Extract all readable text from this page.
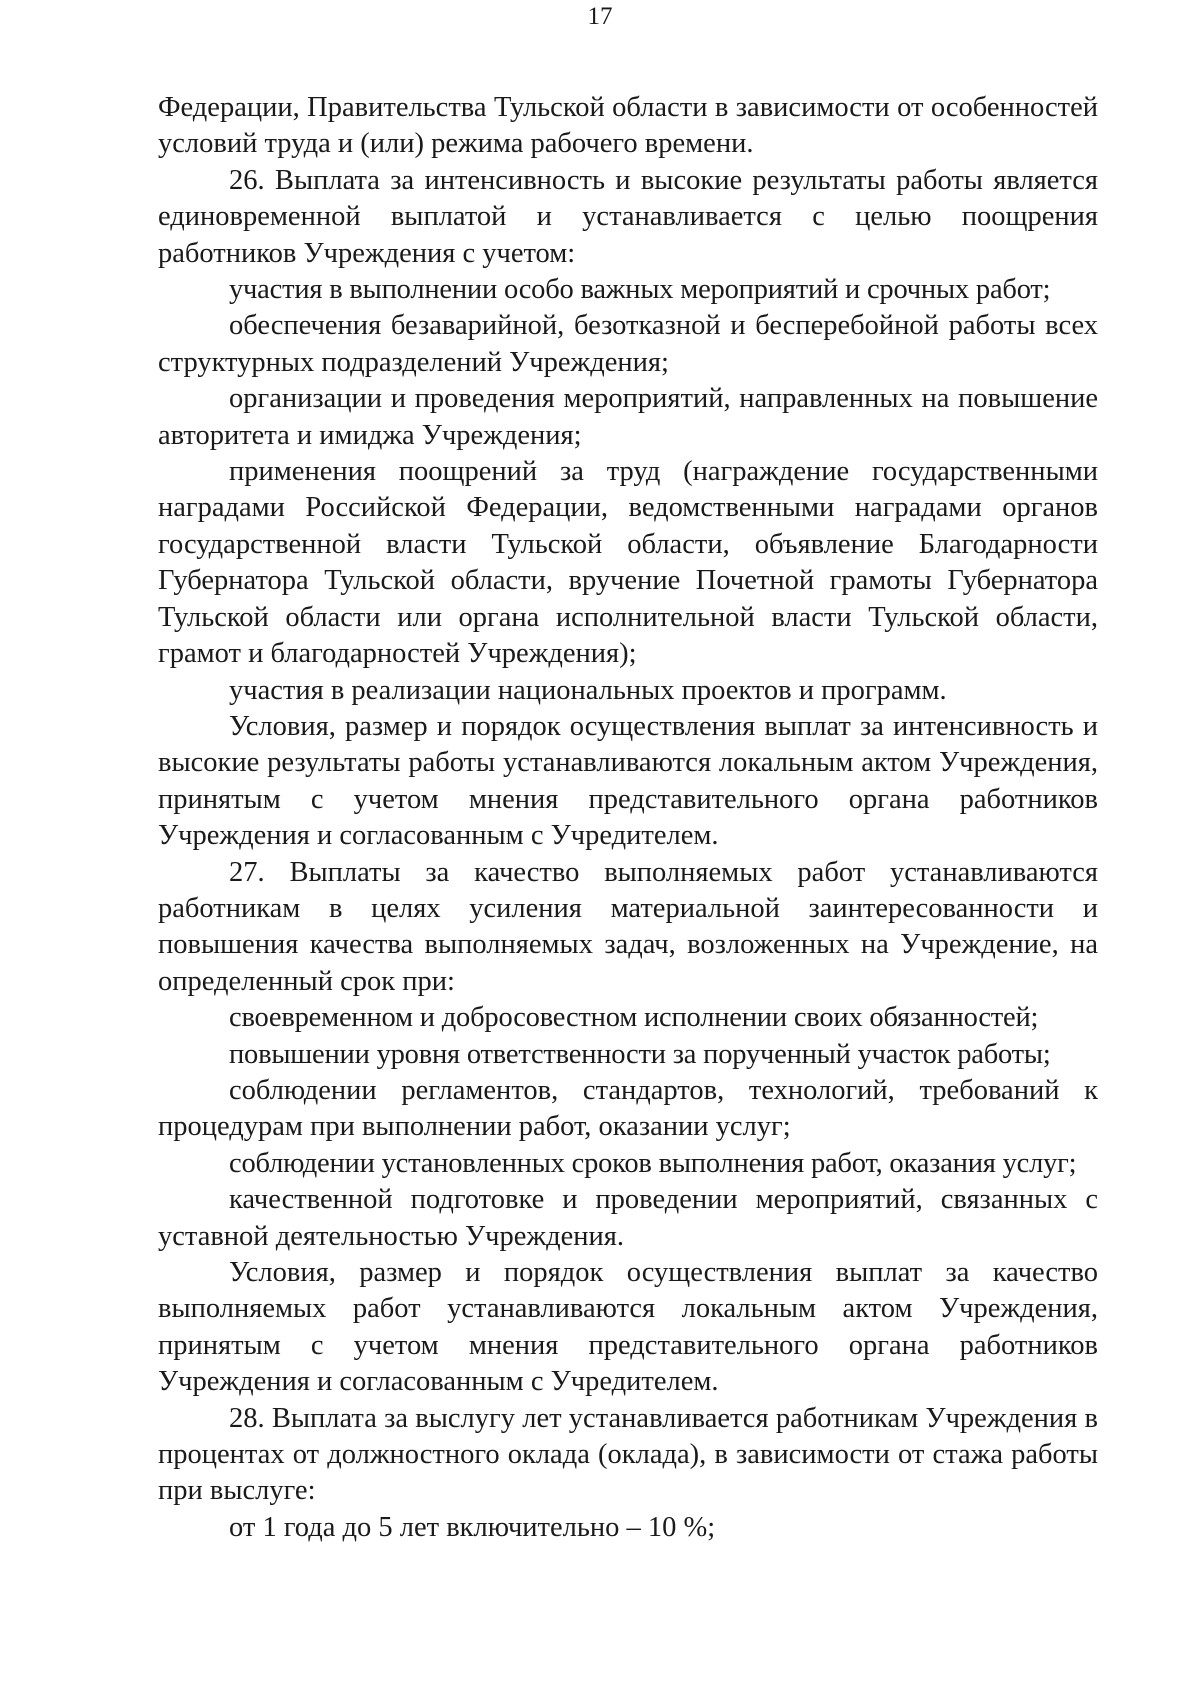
17

Федерации, Правительства Тульской области в зависимости от особенностей условий труда и (или) режима рабочего времени.

26. Выплата за интенсивность и высокие результаты работы является единовременной выплатой и устанавливается с целью поощрения работников Учреждения с учетом:

участия в выполнении особо важных мероприятий и срочных работ;

обеспечения безаварийной, безотказной и бесперебойной работы всех структурных подразделений Учреждения;

организации и проведения мероприятий, направленных на повышение авторитета и имиджа Учреждения;

применения поощрений за труд (награждение государственными наградами Российской Федерации, ведомственными наградами органов государственной власти Тульской области, объявление Благодарности Губернатора Тульской области, вручение Почетной грамоты Губернатора Тульской области или органа исполнительной власти Тульской области, грамот и благодарностей Учреждения);

участия в реализации национальных проектов и программ.

Условия, размер и порядок осуществления выплат за интенсивность и высокие результаты работы устанавливаются локальным актом Учреждения, принятым с учетом мнения представительного органа работников Учреждения и согласованным с Учредителем.

27. Выплаты за качество выполняемых работ устанавливаются работникам в целях усиления материальной заинтересованности и повышения качества выполняемых задач, возложенных на Учреждение, на определенный срок при:

своевременном и добросовестном исполнении своих обязанностей;

повышении уровня ответственности за порученный участок работы;

соблюдении регламентов, стандартов, технологий, требований к процедурам при выполнении работ, оказании услуг;

соблюдении установленных сроков выполнения работ, оказания услуг;

качественной подготовке и проведении мероприятий, связанных с уставной деятельностью Учреждения.

Условия, размер и порядок осуществления выплат за качество выполняемых работ устанавливаются локальным актом Учреждения, принятым с учетом мнения представительного органа работников Учреждения и согласованным с Учредителем.

28. Выплата за выслугу лет устанавливается работникам Учреждения в процентах от должностного оклада (оклада), в зависимости от стажа работы при выслуге:

от 1 года до 5 лет включительно – 10 %;
